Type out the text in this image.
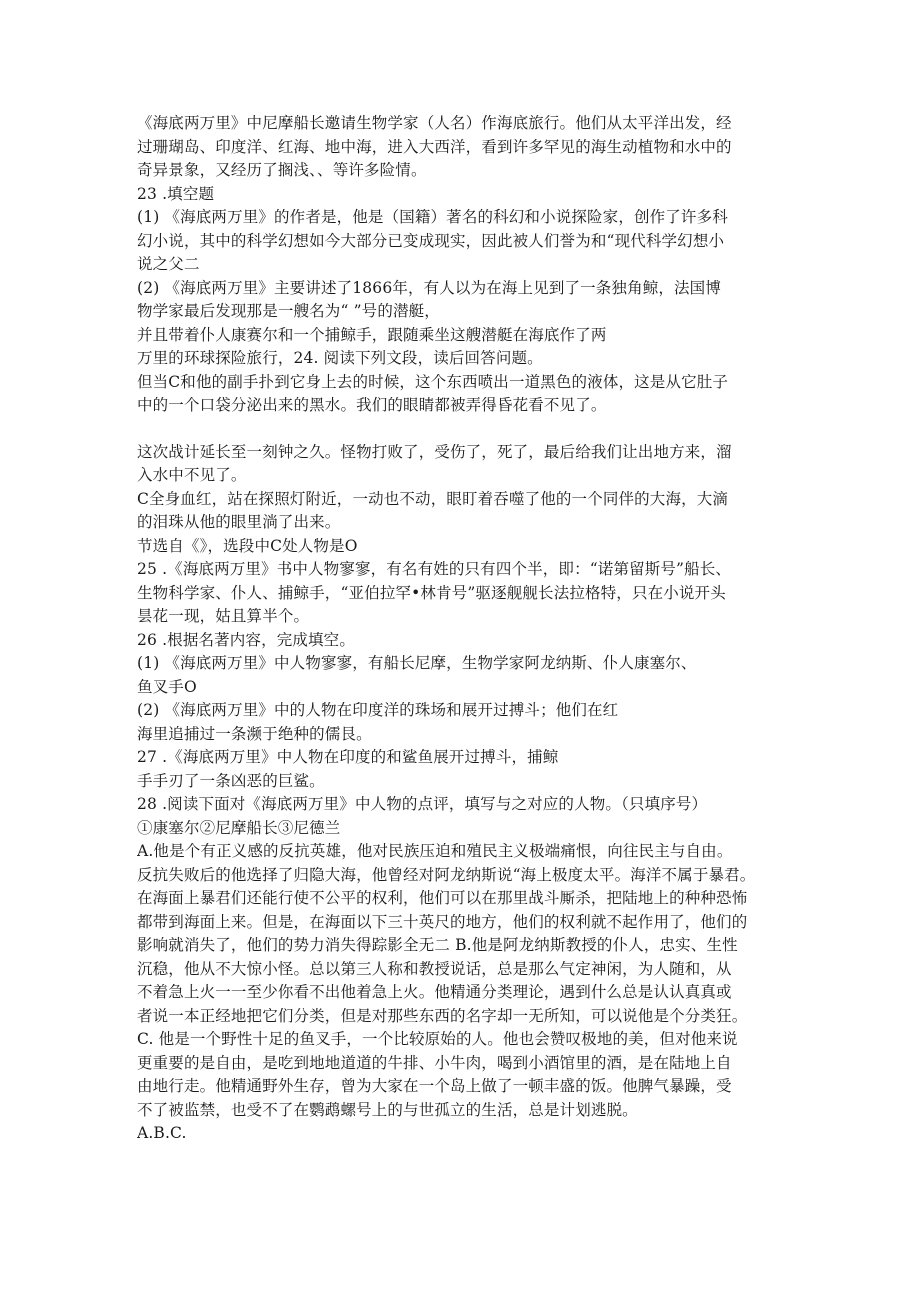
《海底两万里》中尼摩船长邀请生物学家（人名）作海底旅行。他们从太平洋出发，经
过珊瑚岛、印度洋、红海、地中海，进入大西洋，看到许多罕见的海生动植物和水中的
奇异景象，又经历了搁浅、、等许多险情。
23 .填空题
(1) 《海底两万里》的作者是，他是（国籍）著名的科幻和小说探险家，创作了许多科
幻小说，其中的科学幻想如今大部分已变成现实，因此被人们誉为和“现代科学幻想小
说之父二
(2) 《海底两万里》主要讲述了1866年，有人以为在海上见到了一条独角鲸，法国博
物学家最后发现那是一艘名为“ ”号的潜艇，
并且带着仆人康赛尔和一个捕鲸手，跟随乘坐这艘潜艇在海底作了两
万里的环球探险旅行，24. 阅读下列文段，读后回答问题。
但当C和他的副手扑到它身上去的时候，这个东西喷出一道黑色的液体，这是从它肚子
中的一个口袋分泌出来的黑水。我们的眼睛都被弄得昏花看不见了。
这次战计延长至一刻钟之久。怪物打败了，受伤了，死了，最后给我们让出地方来，溜
入水中不见了。
C全身血红，站在探照灯附近，一动也不动，眼盯着吞噬了他的一个同伴的大海，大滴
的泪珠从他的眼里淌了出来。
节选自《》，选段中C处人物是O
25 .《海底两万里》书中人物寥寥，有名有姓的只有四个半，即：“诺第留斯号”船长、
生物科学家、仆人、捕鲸手，“亚伯拉罕•林肯号”驱逐舰舰长法拉格特，只在小说开头
昙花一现，姑且算半个。
26 .根据名著内容，完成填空。
(1) 《海底两万里》中人物寥寥，有船长尼摩，生物学家阿龙纳斯、仆人康塞尔、
鱼叉手O
(2) 《海底两万里》中的人物在印度洋的珠场和展开过搏斗；他们在红
海里追捕过一条濒于绝种的儒艮。
27 .《海底两万里》中人物在印度的和鲨鱼展开过搏斗，捕鲸
手手刃了一条凶恶的巨鲨。
28 .阅读下面对《海底两万里》中人物的点评，填写与之对应的人物。（只填序号）
①康塞尔②尼摩船长③尼德兰
A.他是个有正义感的反抗英雄，他对民族压迫和殖民主义极端痛恨，向往民主与自由。
反抗失败后的他选择了归隐大海，他曾经对阿龙纳斯说“海上极度太平。海洋不属于暴君。
在海面上暴君们还能行使不公平的权利，他们可以在那里战斗厮杀，把陆地上的种种恐怖
都带到海面上来。但是，在海面以下三十英尺的地方，他们的权利就不起作用了，他们的
影响就消失了，他们的势力消失得踪影全无二 B.他是阿龙纳斯教授的仆人，忠实、生性
沉稳，他从不大惊小怪。总以第三人称和教授说话，总是那么气定神闲，为人随和，从
不着急上火一一至少你看不出他着急上火。他精通分类理论，遇到什么总是认认真真或
者说一本正经地把它们分类，但是对那些东西的名字却一无所知，可以说他是个分类狂。
C. 他是一个野性十足的鱼叉手，一个比较原始的人。他也会赞叹极地的美，但对他来说
更重要的是自由，是吃到地地道道的牛排、小牛肉，喝到小酒馆里的酒，是在陆地上自
由地行走。他精通野外生存，曾为大家在一个岛上做了一顿丰盛的饭。他脾气暴躁，受
不了被监禁，也受不了在鹦鹉螺号上的与世孤立的生活，总是计划逃脱。
A.B.C.
